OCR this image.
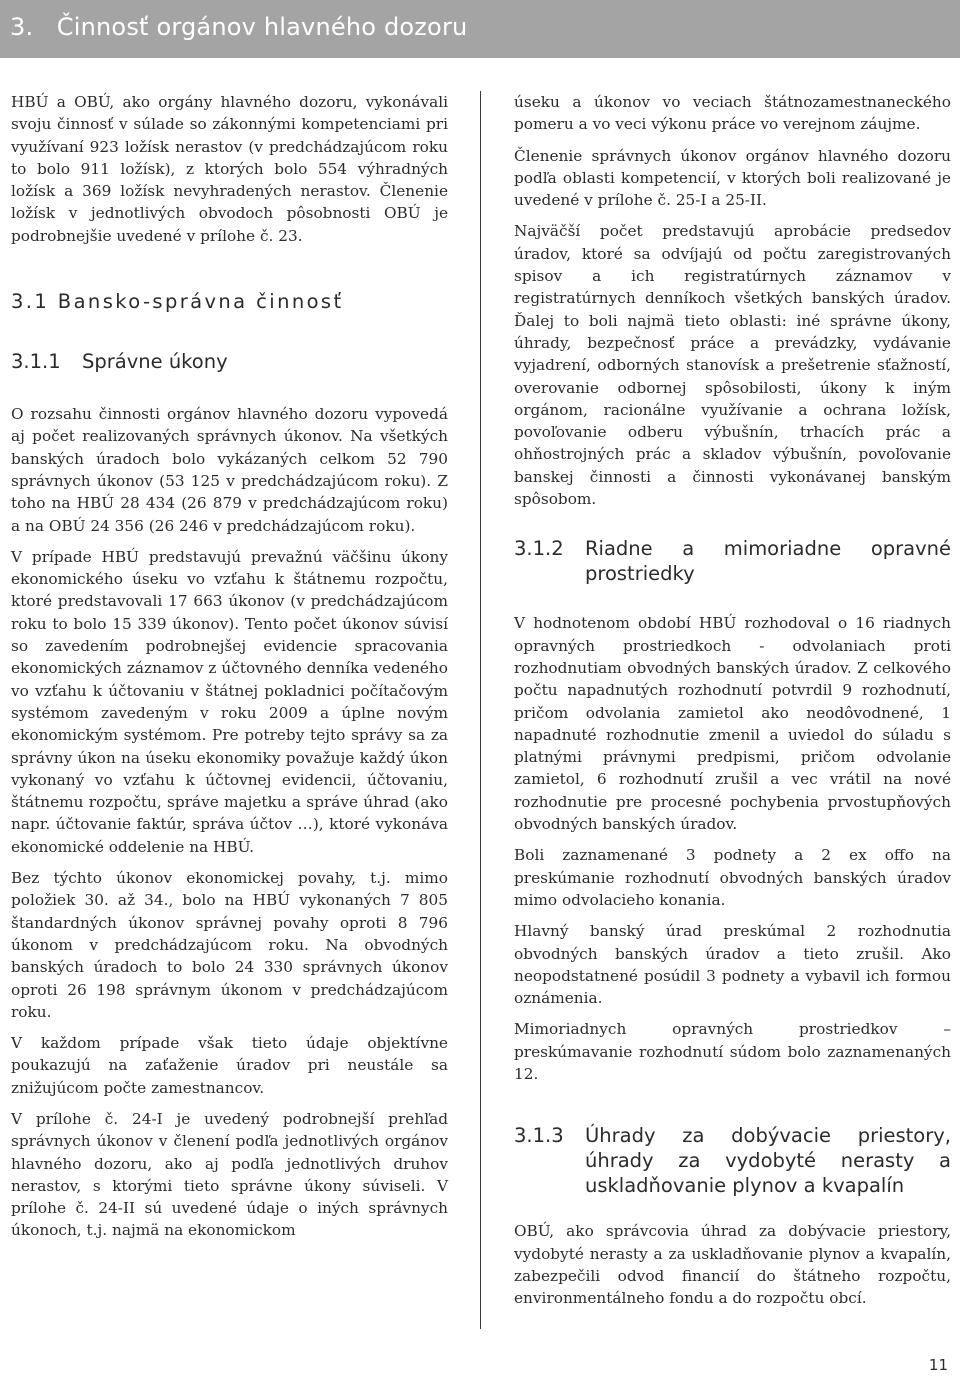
3.   Činnosť orgánov hlavného dozoru

HBÚ a OBÚ, ako orgány hlavného dozoru, vykonávali svoju činnosť v súlade so zákonnými kompetenciami pri využívaní 923 ložísk nerastov (v predchádzajúcom roku to bolo 911 ložísk), z ktorých bolo 554 výhradných ložísk a 369 ložísk nevyhradených nerastov. Členenie ložísk v jednotlivých obvodoch pôsobnosti OBÚ je podrobnejšie uvedené v prílohe č. 23.

3.1 Bansko-správna činnosť
3.1.1	Správne úkony

O rozsahu činnosti orgánov hlavného dozoru vypovedá aj počet realizovaných správnych úkonov. Na všetkých banských úradoch bolo vykázaných celkom 52 790 správnych úkonov (53 125 v predchádzajúcom roku). Z toho na HBÚ 28 434 (26 879 v predchádzajúcom roku) a na OBÚ 24 356 (26 246 v predchádzajúcom roku).

V prípade HBÚ predstavujú prevažnú väčšinu úkony ekonomického úseku vo vzťahu k štátnemu rozpočtu, ktoré predstavovali 17 663 úkonov (v predchádzajúcom roku to bolo 15 339 úkonov). Tento počet úkonov súvisí so zavedením podrobnejšej evidencie spracovania ekonomických záznamov z účtovného denníka vedeného vo vzťahu k účtovaniu v štátnej pokladnici počítačovým systémom zavedeným v roku 2009 a úplne novým ekonomickým systémom. Pre potreby tejto správy sa za správny úkon na úseku ekonomiky považuje každý úkon vykonaný vo vzťahu k účtovnej evidencii, účtovaniu, štátnemu rozpočtu, správe majetku a správe úhrad (ako napr. účtovanie faktúr, správa účtov …), ktoré vykonáva ekonomické oddelenie na HBÚ.

Bez týchto úkonov ekonomickej povahy, t.j. mimo položiek 30. až 34., bolo na HBÚ vykonaných 7 805 štandardných úkonov správnej povahy oproti 8 796 úkonom v predchádzajúcom roku. Na obvodných banských úradoch to bolo 24 330 správnych úkonov oproti 26 198 správnym úkonom v predchádzajúcom roku.

V každom prípade však tieto údaje objektívne poukazujú na zaťaženie úradov pri neustále sa znižujúcom počte zamestnancov.

V prílohe č. 24-I je uvedený podrobnejší prehľad správnych úkonov v členení podľa jednotlivých orgánov hlavného dozoru, ako aj podľa jednotlivých druhov nerastov, s ktorými tieto správne úkony súviseli. V prílohe č. 24-II sú uvedené údaje o iných správnych úkonoch, t.j. najmä na ekonomickom

úseku a úkonov vo veciach štátnozamestnaneckého pomeru a vo veci výkonu práce vo verejnom záujme.

Členenie správnych úkonov orgánov hlavného dozoru podľa oblasti kompetencií, v ktorých boli realizované je uvedené v prílohe č. 25-I a 25-II.

Najväčší počet predstavujú aprobácie predsedov úradov, ktoré sa odvíjajú od počtu zaregistrovaných spisov a ich registratúrnych záznamov v registratúrnych denníkoch všetkých banských úradov. Ďalej to boli najmä tieto oblasti: iné správne úkony, úhrady, bezpečnosť práce a prevádzky, vydávanie vyjadrení, odborných stanovísk a prešetrenie sťažností, overovanie odbornej spôsobilosti, úkony k iným orgánom, racionálne využívanie a ochrana ložísk, povoľovanie odberu výbušnín, trhacích prác a ohňostrojných prác a skladov výbušnín, povoľovanie banskej činnosti a činnosti vykonávanej banským spôsobom.

3.1.2	Riadne a mimoriadne opravné prostriedky

V hodnotenom období HBÚ rozhodoval o 16 riadnych opravných prostriedkoch - odvolaniach proti rozhodnutiam obvodných banských úradov. Z celkového počtu napadnutých rozhodnutí potvrdil 9 rozhodnutí, pričom odvolania zamietol ako neodôvodnené, 1 napadnuté rozhodnutie zmenil a uviedol do súladu s platnými právnymi predpismi, pričom odvolanie zamietol, 6 rozhodnutí zrušil a vec vrátil na nové rozhodnutie pre procesné pochybenia prvostupňových obvodných banských úradov.

Boli zaznamenané 3 podnety a 2 ex offo na preskúmanie rozhodnutí obvodných banských úradov mimo odvolacieho konania.

Hlavný banský úrad preskúmal 2 rozhodnutia obvodných banských úradov a tieto zrušil. Ako neopodstatnené posúdil 3 podnety a vybavil ich formou oznámenia.

Mimoriadnych opravných prostriedkov – preskúmavanie rozhodnutí súdom bolo zaznamenaných 12.

3.1.3	Úhrady za dobývacie priestory, úhrady za vydobyté nerasty a uskladňovanie plynov a kvapalín

OBÚ, ako správcovia úhrad za dobývacie priestory, vydobyté nerasty a za uskladňovanie plynov a kvapalín, zabezpečili odvod financií do štátneho rozpočtu, environmentálneho fondu a do rozpočtu obcí.

11
